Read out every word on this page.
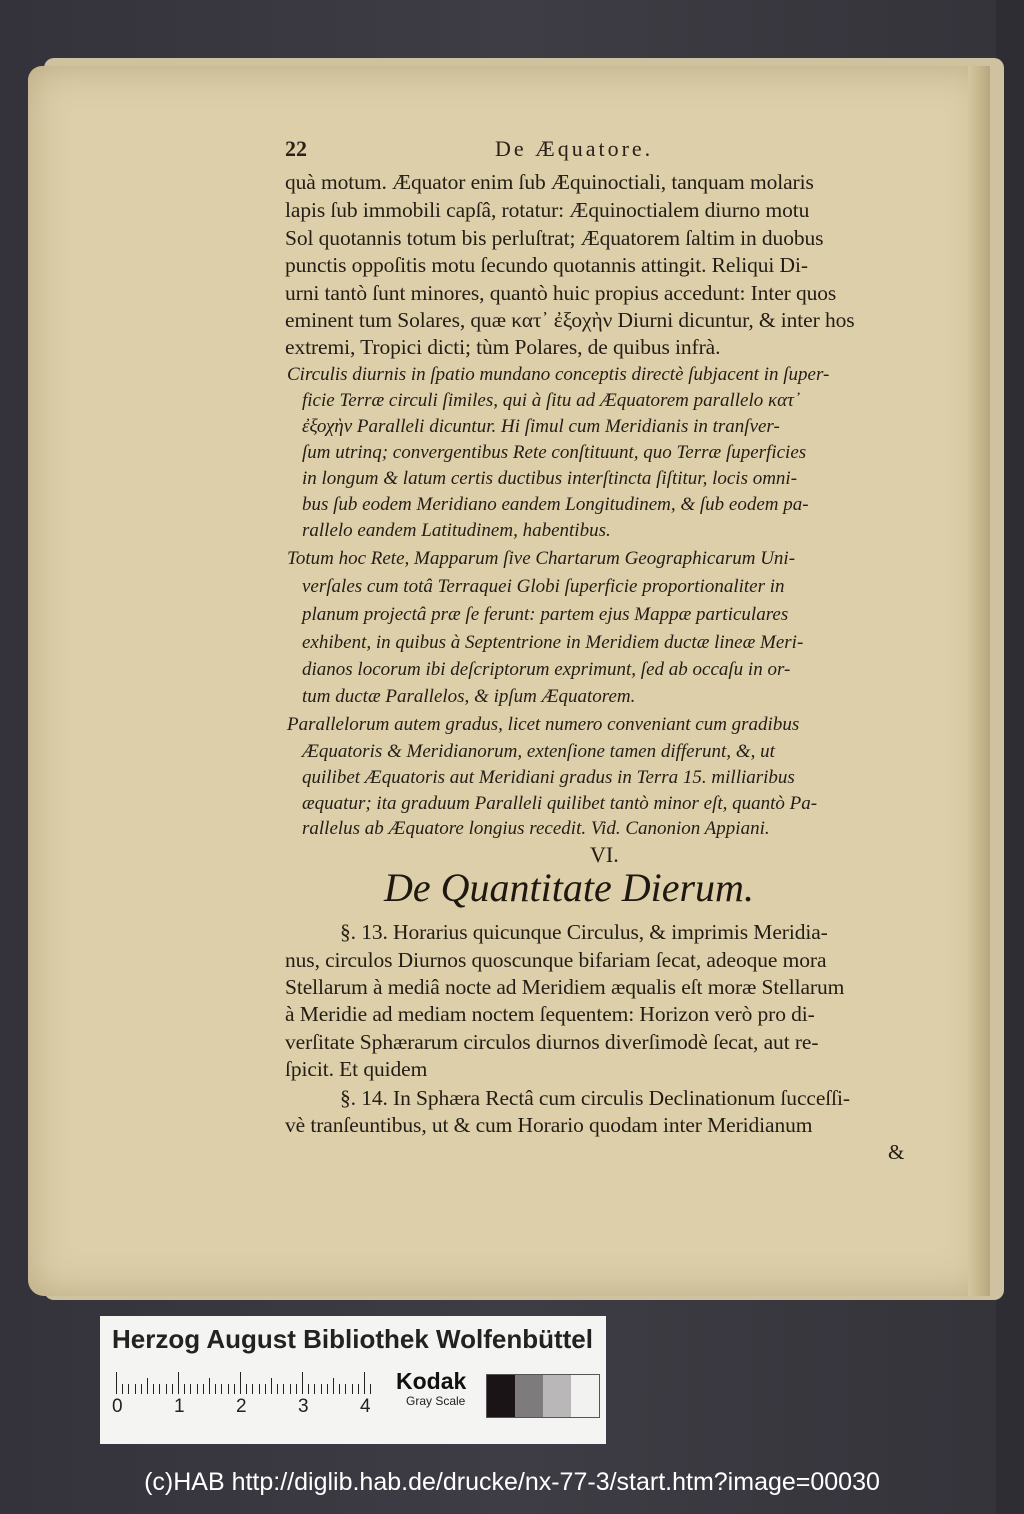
22	De Æquatore.
quà motum. Æquator enim ſub Æquinoctiali, tanquam molaris
lapis ſub immobili capſâ, rotatur: Æquinoctialem diurno motu
Sol quotannis totum bis perluſtrat; Æquatorem ſaltim in duobus
punctis oppoſitis motu ſecundo quotannis attingit. Reliqui Di-
urni tantò ſunt minores, quantò huic propius accedunt: Inter quos
eminent tum Solares, quæ κατ᾽ ἐξοχὴν Diurni dicuntur, & inter hos
extremi, Tropici dicti; tùm Polares, de quibus infrà.
Circulis diurnis in ſpatio mundano conceptis directè ſubjacent in ſuper-
ficie Terræ circuli ſimiles, qui à ſitu ad Æquatorem parallelo κατ᾽
ἐξοχὴν Paralleli dicuntur. Hi ſimul cum Meridianis in tranſver-
ſum utrinq; convergentibus Rete conſtituunt, quo Terræ ſuperficies
in longum & latum certis ductibus interſtincta ſiſtitur, locis omni-
bus ſub eodem Meridiano eandem Longitudinem, & ſub eodem pa-
rallelo eandem Latitudinem, habentibus.
Totum hoc Rete, Mapparum ſive Chartarum Geographicarum Uni-
verſales cum totâ Terraquei Globi ſuperficie proportionaliter in
planum projectâ præ ſe ferunt: partem ejus Mappæ particulares
exhibent, in quibus à Septentrione in Meridiem ductæ lineæ Meri-
dianos locorum ibi deſcriptorum exprimunt, ſed ab occaſu in or-
tum ductæ Parallelos, & ipſum Æquatorem.
Parallelorum autem gradus, licet numero conveniant cum gradibus
Æquatoris & Meridianorum, extenſione tamen differunt, &, ut
quilibet Æquatoris aut Meridiani gradus in Terra 15. milliaribus
æquatur; ita graduum Paralleli quilibet tantò minor eſt, quantò Pa-
rallelus ab Æquatore longius recedit. Vid. Canonion Appiani.
VI.
De Quantitate Dierum.
§. 13. Horarius quicunque Circulus, & imprimis Meridia-
nus, circulos Diurnos quoscunque bifariam ſecat, adeoque mora
Stellarum à mediâ nocte ad Meridiem æqualis eſt moræ Stellarum
à Meridie ad mediam noctem ſequentem: Horizon verò pro di-
verſitate Sphærarum circulos diurnos diverſimodè ſecat, aut re-
ſpicit. Et quidem
§. 14. In Sphæra Rectâ cum circulis Declinationum ſucceſſi-
vè tranſeuntibus, ut & cum Horario quodam inter Meridianum
&
Herzog August Bibliothek Wolfenbüttel
0	1	2	3	4
Kodak
Gray Scale
(c)HAB http://diglib.hab.de/drucke/nx-77-3/start.htm?image=00030
